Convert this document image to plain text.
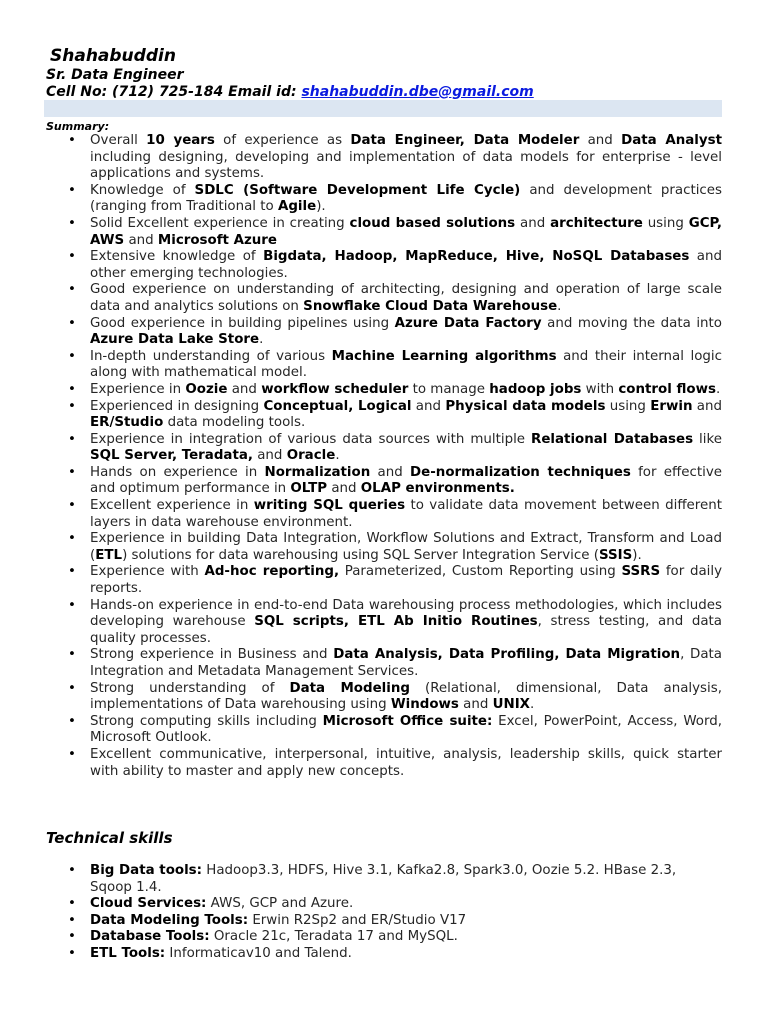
Shahabuddin
Sr. Data Engineer
Cell No: (712) 725-184 Email id: shahabuddin.dbe@gmail.com
Summary:
• Overall 10 years of experience as Data Engineer, Data Modeler and Data Analyst including designing, developing and implementation of data models for enterprise - level applications and systems.
• Knowledge of SDLC (Software Development Life Cycle) and development practices (ranging from Traditional to Agile).
• Solid Excellent experience in creating cloud based solutions and architecture using GCP, AWS and Microsoft Azure
• Extensive knowledge of Bigdata, Hadoop, MapReduce, Hive, NoSQL Databases and other emerging technologies.
• Good experience on understanding of architecting, designing and operation of large scale data and analytics solutions on Snowflake Cloud Data Warehouse.
• Good experience in building pipelines using Azure Data Factory and moving the data into Azure Data Lake Store.
• In-depth understanding of various Machine Learning algorithms and their internal logic along with mathematical model.
• Experience in Oozie and workflow scheduler to manage hadoop jobs with control flows.
• Experienced in designing Conceptual, Logical and Physical data models using Erwin and ER/Studio data modeling tools.
• Experience in integration of various data sources with multiple Relational Databases like SQL Server, Teradata, and Oracle.
• Hands on experience in Normalization and De-normalization techniques for effective and optimum performance in OLTP and OLAP environments.
• Excellent experience in writing SQL queries to validate data movement between different layers in data warehouse environment.
• Experience in building Data Integration, Workflow Solutions and Extract, Transform and Load (ETL) solutions for data warehousing using SQL Server Integration Service (SSIS).
• Experience with Ad-hoc reporting, Parameterized, Custom Reporting using SSRS for daily reports.
• Hands-on experience in end-to-end Data warehousing process methodologies, which includes developing warehouse SQL scripts, ETL Ab Initio Routines, stress testing, and data quality processes.
• Strong experience in Business and Data Analysis, Data Profiling, Data Migration, Data Integration and Metadata Management Services.
• Strong understanding of Data Modeling (Relational, dimensional, Data analysis, implementations of Data warehousing using Windows and UNIX.
• Strong computing skills including Microsoft Office suite: Excel, PowerPoint, Access, Word, Microsoft Outlook.
• Excellent communicative, interpersonal, intuitive, analysis, leadership skills, quick starter with ability to master and apply new concepts.
Technical skills
• Big Data tools: Hadoop3.3, HDFS, Hive 3.1, Kafka2.8, Spark3.0, Oozie 5.2. HBase 2.3, Sqoop 1.4.
• Cloud Services: AWS, GCP and Azure.
• Data Modeling Tools: Erwin R2Sp2 and ER/Studio V17
• Database Tools: Oracle 21c, Teradata 17 and MySQL.
• ETL Tools: Informaticav10 and Talend.
